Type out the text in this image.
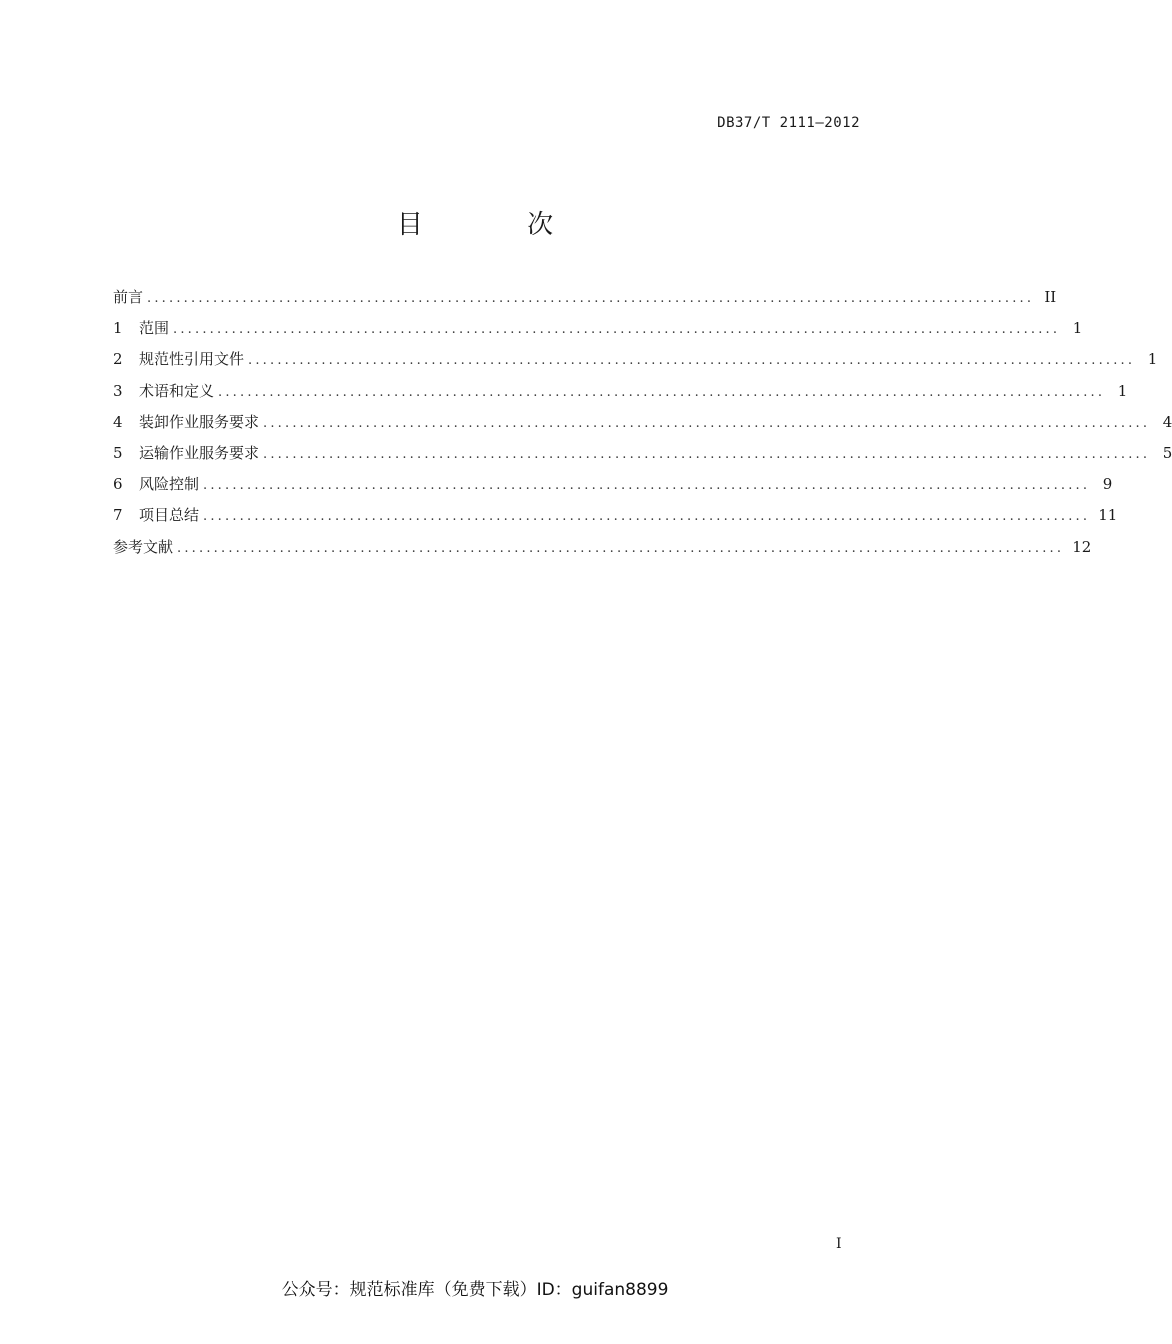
DB37/T 2111—2012
目 次
前言 ......................................................................................................................... II
1	范围 ......................................................................................................................... 1
2	规范性引用文件 ......................................................................................................................... 1
3	术语和定义 ......................................................................................................................... 1
4	装卸作业服务要求 ......................................................................................................................... 4
5	运输作业服务要求 ......................................................................................................................... 5
6	风险控制 ......................................................................................................................... 9
7	项目总结 ......................................................................................................................... 11
参考文献 ......................................................................................................................... 12
I
公众号：规范标准库（免费下载）ID：guifan8899
